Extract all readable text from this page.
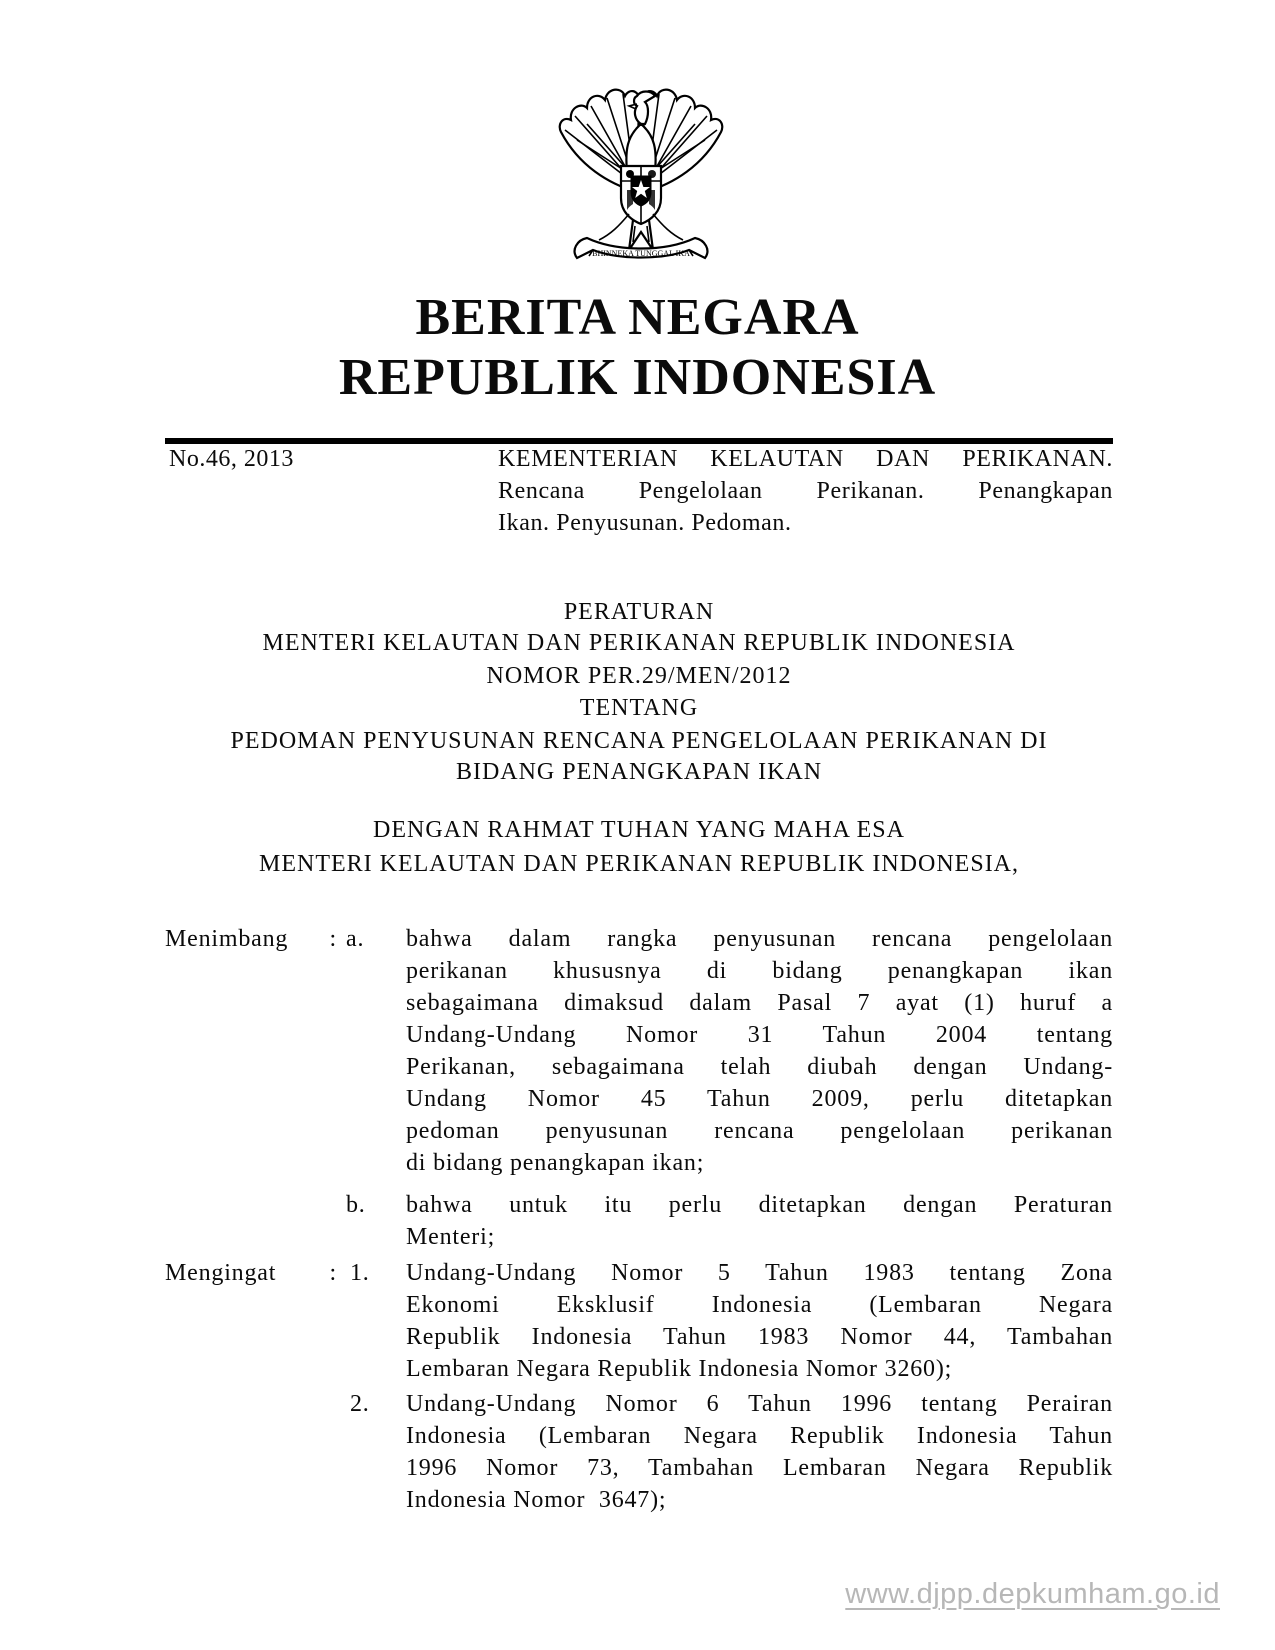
BHINNEKA TUNGGAL IKA
BERITA NEGARA
REPUBLIK INDONESIA
No.46, 2013	KEMENTERIAN KELAUTAN DAN PERIKANAN.
Rencana Pengelolaan Perikanan. Penangkapan
Ikan. Penyusunan. Pedoman.
PERATURAN
MENTERI KELAUTAN DAN PERIKANAN REPUBLIK INDONESIA
NOMOR PER.29/MEN/2012
TENTANG
PEDOMAN PENYUSUNAN RENCANA PENGELOLAAN PERIKANAN DI
BIDANG PENANGKAPAN IKAN
DENGAN RAHMAT TUHAN YANG MAHA ESA
MENTERI KELAUTAN DAN PERIKANAN REPUBLIK INDONESIA,
Menimbang : a.	bahwa dalam rangka penyusunan rencana pengelolaan
perikanan khususnya di bidang penangkapan ikan
sebagaimana dimaksud dalam Pasal 7 ayat (1) huruf a
Undang-Undang Nomor 31 Tahun 2004 tentang
Perikanan, sebagaimana telah diubah dengan Undang-
Undang Nomor 45 Tahun 2009, perlu ditetapkan
pedoman penyusunan rencana pengelolaan perikanan
di bidang penangkapan ikan;
b.	bahwa untuk itu perlu ditetapkan dengan Peraturan
Menteri;
Mengingat : 1.	Undang-Undang Nomor 5 Tahun 1983 tentang Zona
Ekonomi Eksklusif Indonesia (Lembaran Negara
Republik Indonesia Tahun 1983 Nomor 44, Tambahan
Lembaran Negara Republik Indonesia Nomor 3260);
2.	Undang-Undang Nomor 6 Tahun 1996 tentang Perairan
Indonesia (Lembaran Negara Republik Indonesia Tahun
1996 Nomor 73, Tambahan Lembaran Negara Republik
Indonesia Nomor  3647);
www.djpp.depkumham.go.id
